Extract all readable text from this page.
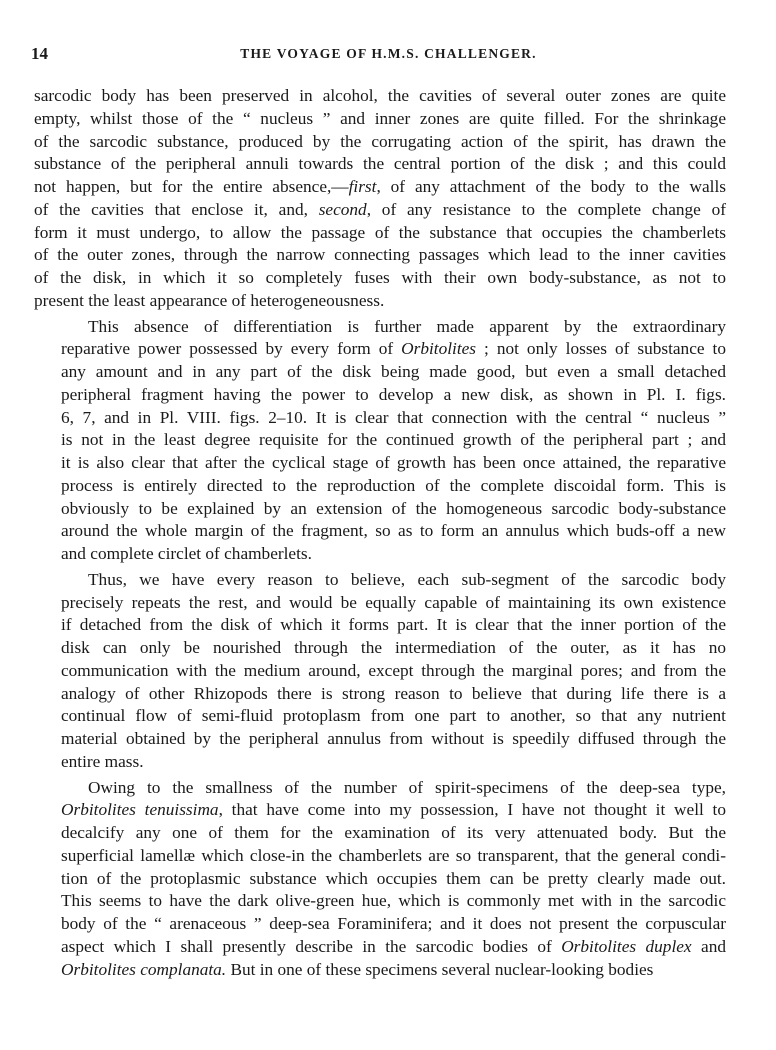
14	THE VOYAGE OF H.M.S. CHALLENGER.
sarcodic body has been preserved in alcohol, the cavities of several outer zones are quite
empty, whilst those of the “ nucleus ” and inner zones are quite filled. For the shrinkage
of the sarcodic substance, produced by the corrugating action of the spirit, has drawn the
substance of the peripheral annuli towards the central portion of the disk ; and this could
not happen, but for the entire absence,—first, of any attachment of the body to the walls
of the cavities that enclose it, and, second, of any resistance to the complete change of
form it must undergo, to allow the passage of the substance that occupies the chamberlets
of the outer zones, through the narrow connecting passages which lead to the inner cavities
of the disk, in which it so completely fuses with their own body-substance, as not to
present the least appearance of heterogeneousness.
This absence of differentiation is further made apparent by the extraordinary
reparative power possessed by every form of Orbitolites ; not only losses of substance to
any amount and in any part of the disk being made good, but even a small detached
peripheral fragment having the power to develop a new disk, as shown in Pl. I. figs.
6, 7, and in Pl. VIII. figs. 2–10. It is clear that connection with the central “ nucleus ”
is not in the least degree requisite for the continued growth of the peripheral part ; and
it is also clear that after the cyclical stage of growth has been once attained, the reparative
process is entirely directed to the reproduction of the complete discoidal form. This is
obviously to be explained by an extension of the homogeneous sarcodic body-substance
around the whole margin of the fragment, so as to form an annulus which buds-off a new
and complete circlet of chamberlets.
Thus, we have every reason to believe, each sub-segment of the sarcodic body
precisely repeats the rest, and would be equally capable of maintaining its own existence
if detached from the disk of which it forms part. It is clear that the inner portion of the
disk can only be nourished through the intermediation of the outer, as it has no
communication with the medium around, except through the marginal pores; and from the
analogy of other Rhizopods there is strong reason to believe that during life there is a
continual flow of semi-fluid protoplasm from one part to another, so that any nutrient
material obtained by the peripheral annulus from without is speedily diffused through the
entire mass.
Owing to the smallness of the number of spirit-specimens of the deep-sea type,
Orbitolites tenuissima, that have come into my possession, I have not thought it well to
decalcify any one of them for the examination of its very attenuated body. But the
superficial lamellæ which close-in the chamberlets are so transparent, that the general condi-
tion of the protoplasmic substance which occupies them can be pretty clearly made out.
This seems to have the dark olive-green hue, which is commonly met with in the sarcodic
body of the “ arenaceous ” deep-sea Foraminifera; and it does not present the corpuscular
aspect which I shall presently describe in the sarcodic bodies of Orbitolites duplex and
Orbitolites complanata. But in one of these specimens several nuclear-looking bodies
